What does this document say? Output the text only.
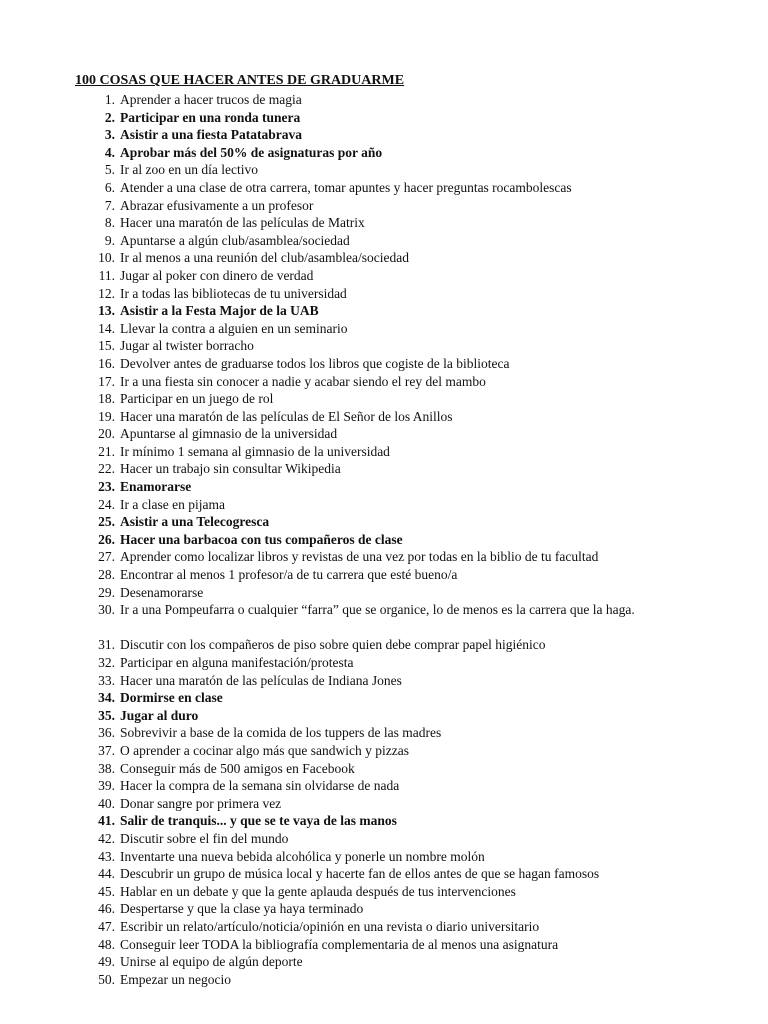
100 COSAS QUE HACER ANTES DE GRADUARME
1. Aprender a hacer trucos de magia
2. Participar en una ronda tunera
3. Asistir a una fiesta Patatabrava
4. Aprobar más del 50% de asignaturas por año
5. Ir al zoo en un día lectivo
6. Atender a una clase de otra carrera, tomar apuntes y hacer preguntas rocambolescas
7. Abrazar efusivamente a un profesor
8. Hacer una maratón de las películas de Matrix
9. Apuntarse a algún club/asamblea/sociedad
10. Ir al menos a una reunión del club/asamblea/sociedad
11. Jugar al poker con dinero de verdad
12. Ir a todas las bibliotecas de tu universidad
13. Asistir a la Festa Major de la UAB
14. Llevar la contra a alguien en un seminario
15. Jugar al twister borracho
16. Devolver antes de graduarse todos los libros que cogiste de la biblioteca
17. Ir a una fiesta sin conocer a nadie y acabar siendo el rey del mambo
18. Participar en un juego de rol
19. Hacer una maratón de las películas de El Señor de los Anillos
20. Apuntarse al gimnasio de la universidad
21. Ir mínimo 1 semana al gimnasio de la universidad
22. Hacer un trabajo sin consultar Wikipedia
23. Enamorarse
24. Ir a clase en pijama
25. Asistir a una Telecogresca
26. Hacer una barbacoa con tus compañeros de clase
27. Aprender como localizar libros y revistas de una vez por todas en la biblio de tu facultad
28. Encontrar al menos 1 profesor/a de tu carrera que esté bueno/a
29. Desenamorarse
30. Ir a una Pompeufarra o cualquier “farra” que se organice, lo de menos es la carrera que la haga.
31. Discutir con los compañeros de piso sobre quien debe comprar papel higiénico
32. Participar en alguna manifestación/protesta
33. Hacer una maratón de las películas de Indiana Jones
34. Dormirse en clase
35. Jugar al duro
36. Sobrevivir a base de la comida de los tuppers de las madres
37. O aprender a cocinar algo más que sandwich y pizzas
38. Conseguir más de 500 amigos en Facebook
39. Hacer la compra de la semana sin olvidarse de nada
40. Donar sangre por primera vez
41. Salir de tranquis... y que se te vaya de las manos
42. Discutir sobre el fin del mundo
43. Inventarte una nueva bebida alcohólica y ponerle un nombre molón
44. Descubrir un grupo de música local y hacerte fan de ellos antes de que se hagan famosos
45. Hablar en un debate y que la gente aplauda después de tus intervenciones
46. Despertarse y que la clase ya haya terminado
47. Escribir un relato/artículo/noticia/opinión en una revista o diario universitario
48. Conseguir leer TODA la bibliografía complementaria de al menos una asignatura
49. Unirse al equipo de algún deporte
50. Empezar un negocio
